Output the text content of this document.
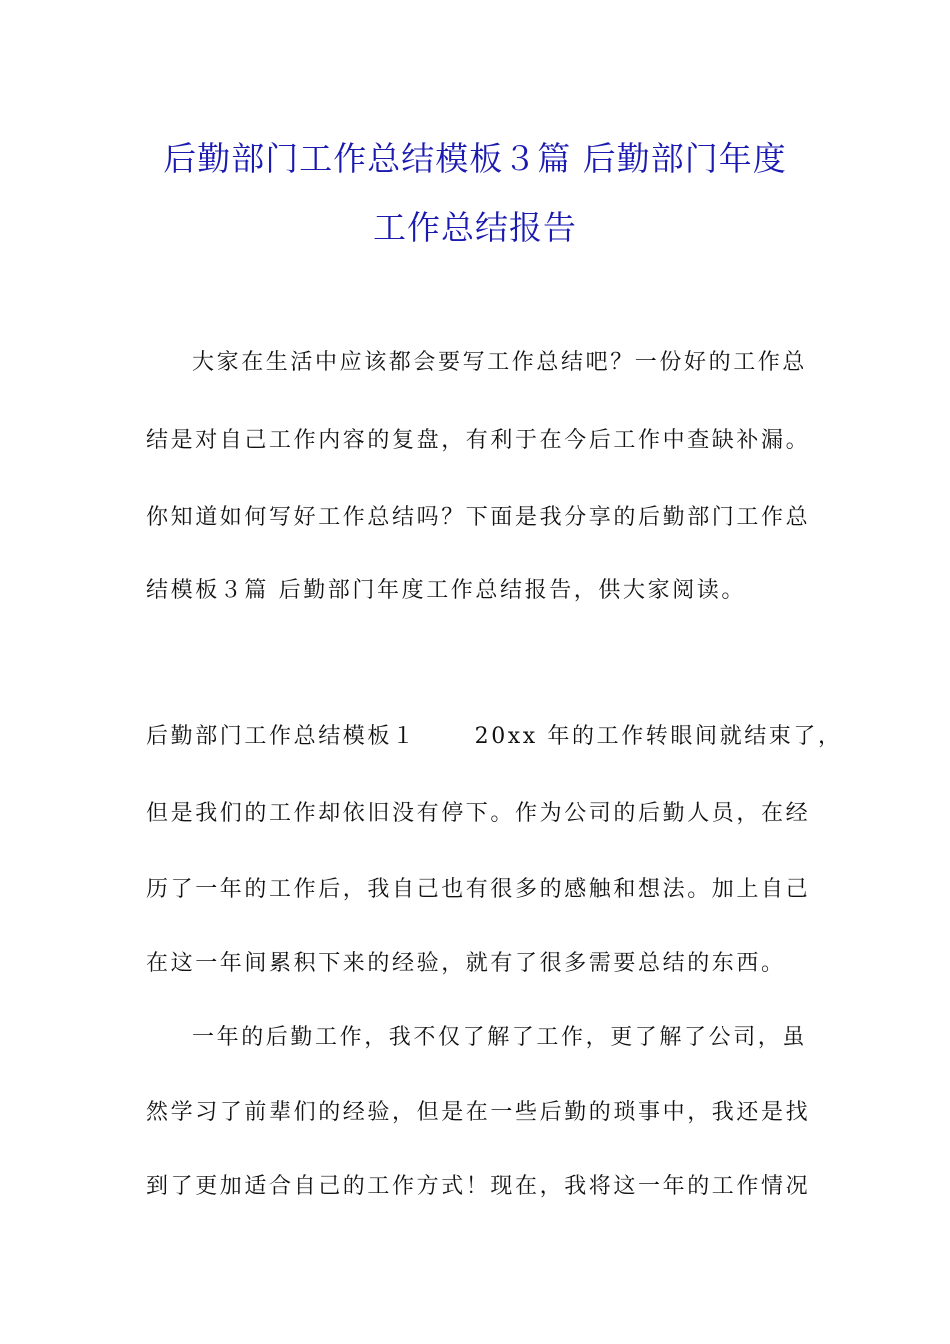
后勤部门工作总结模板３篇 后勤部门年度
工作总结报告
大家在生活中应该都会要写工作总结吧？一份好的工作总
结是对自己工作内容的复盘，有利于在今后工作中查缺补漏。
你知道如何写好工作总结吗？下面是我分享的后勤部门工作总
结模板３篇 后勤部门年度工作总结报告，供大家阅读。
后勤部门工作总结模板１	20xx 年的工作转眼间就结束了，
但是我们的工作却依旧没有停下。作为公司的后勤人员，在经
历了一年的工作后，我自己也有很多的感触和想法。加上自己
在这一年间累积下来的经验，就有了很多需要总结的东西。
一年的后勤工作，我不仅了解了工作，更了解了公司，虽
然学习了前辈们的经验，但是在一些后勤的琐事中，我还是找
到了更加适合自己的工作方式！现在，我将这一年的工作情况
